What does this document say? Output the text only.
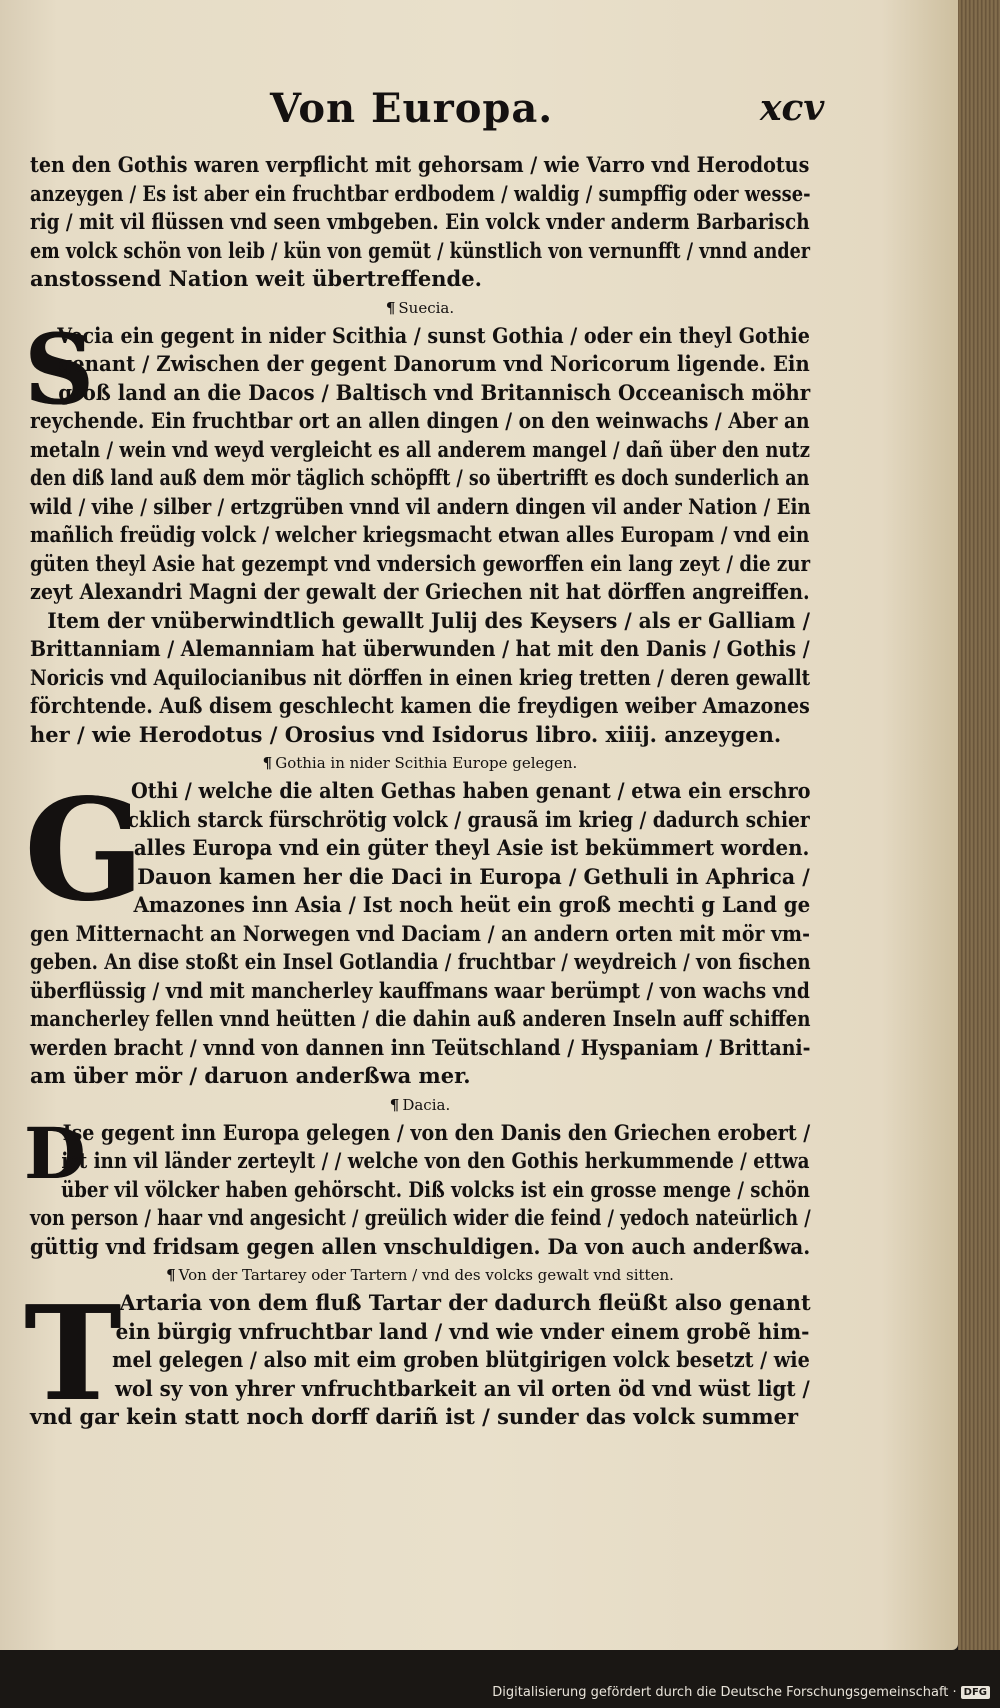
Von Europa.	xcv
ten den Gothis waren verpflicht mit gehorsam / wie Varro vnd Herodotus
anzeygen / Es ist aber ein fruchtbar erdbodem / waldig / sumpffig oder wesse-
rig / mit vil flüssen vnd seen vmbgeben. Ein volck vnder anderm Barbarisch
em volck schön von leib / kün von gemüt / künstlich von vernunfft / vnnd ander
anstossend Nation weit übertreffende.
¶ Suecia.
S
Vecia ein gegent in nider Scithia / sunst Gothia / oder ein theyl Gothie
genant / Zwischen der gegent Danorum vnd Noricorum ligende. Ein
groß land an die Dacos / Baltisch vnd Britannisch Occeanisch möhr
reychende. Ein fruchtbar ort an allen dingen / on den weinwachs / Aber an
metaln / wein vnd weyd vergleicht es all anderem mangel / dañ über den nutz
den diß land auß dem mör täglich schöpfft / so übertrifft es doch sunderlich an
wild / vihe / silber / ertzgrüben vnnd vil andern dingen vil ander Nation / Ein
mañlich freüdig volck / welcher kriegsmacht etwan alles Europam / vnd ein
güten theyl Asie hat gezempt vnd vndersich geworffen ein lang zeyt / die zur
zeyt Alexandri Magni der gewalt der Griechen nit hat dörffen angreiffen.
Item der vnüberwindtlich gewallt Julij des Keysers / als er Galliam /
Brittanniam / Alemanniam hat überwunden / hat mit den Danis / Gothis /
Noricis vnd Aquilocianibus nit dörffen in einen krieg tretten / deren gewallt
förchtende. Auß disem geschlecht kamen die freydigen weiber Amazones
her / wie Herodotus / Orosius vnd Isidorus libro. xiiij. anzeygen.
¶ Gothia in nider Scithia Europe gelegen.
G
Othi / welche die alten Gethas haben genant / etwa ein erschro
cklich starck fürschrötig volck / grausã im krieg / dadurch schier
alles Europa vnd ein güter theyl Asie ist bekümmert worden.
Dauon kamen her die Daci in Europa / Gethuli in Aphrica /
Amazones inn Asia / Ist noch heüt ein groß mechti g Land ge
gen Mitternacht an Norwegen vnd Daciam / an andern orten mit mör vm-
geben. An dise stoßt ein Insel Gotlandia / fruchtbar / weydreich / von fischen
überflüssig / vnd mit mancherley kauffmans waar berümpt / von wachs vnd
mancherley fellen vnnd heütten / die dahin auß anderen Inseln auff schiffen
werden bracht / vnnd von dannen inn Teütschland / Hyspaniam / Brittani-
am über mör / daruon anderßwa mer.
¶ Dacia.
D
Ise gegent inn Europa gelegen / von den Danis den Griechen erobert /
ist inn vil länder zerteylt / / welche von den Gothis herkummende / ettwa
über vil völcker haben gehörscht. Diß volcks ist ein grosse menge / schön
von person / haar vnd angesicht / greülich wider die feind / yedoch nateürlich /
güttig vnd fridsam gegen allen vnschuldigen. Da von auch anderßwa.
¶ Von der Tartarey oder Tartern / vnd des volcks gewalt vnd sitten.
T
Artaria von dem fluß Tartar der dadurch fleüßt also genant
ein bürgig vnfruchtbar land / vnd wie vnder einem grobẽ him-
mel gelegen / also mit eim groben blütgirigen volck besetzt / wie
wol sy von yhrer vnfruchtbarkeit an vil orten öd vnd wüst ligt /
vnd gar kein statt noch dorff dariñ ist / sunder das volck summer
Digitalisierung gefördert durch die Deutsche Forschungsgemeinschaft · DFG
